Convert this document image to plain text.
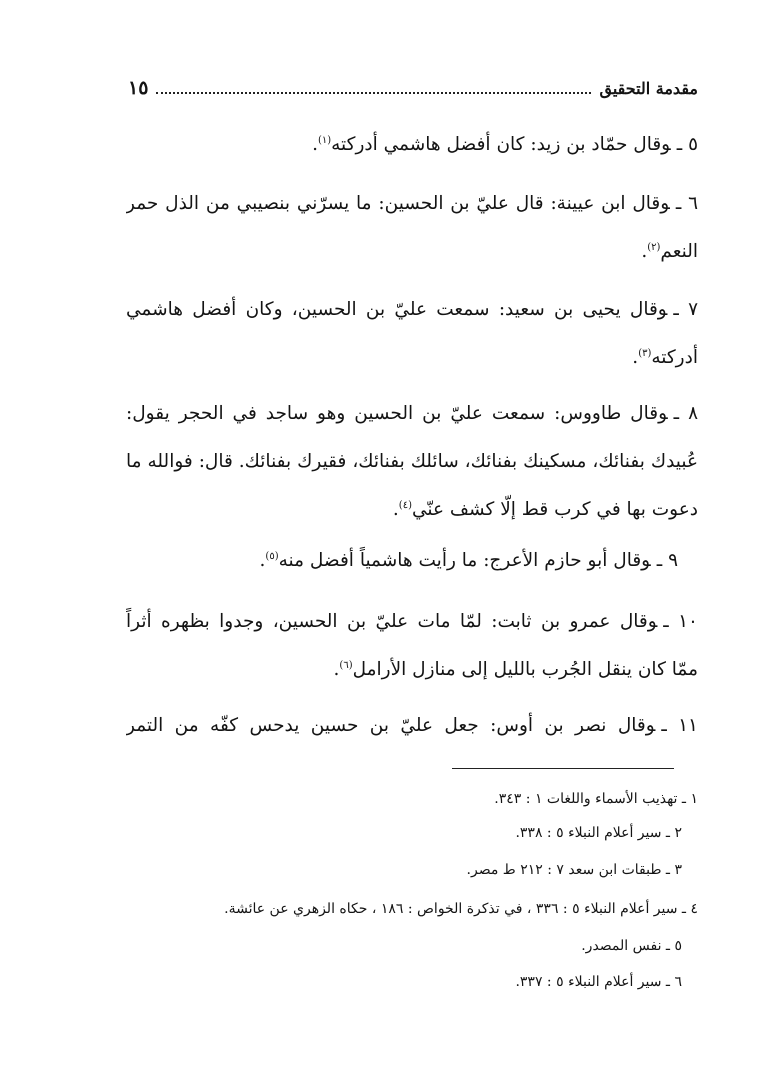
مقدمة التحقيق
١٥
٥ ـوقال حمّاد بن زيد: كان أفضل هاشمي أدركته$^{(١)}$.
٦ ـوقال ابن عيينة: قال عليّ بن الحسين: ما يسرّني بنصيبي من الذل حمر
النعم$^{(٢)}$.
٧ ـوقال يحيى بن سعيد: سمعت عليّ بن الحسين، وكان أفضل هاشمي
أدركته$^{(٣)}$.
٨ ـوقال طاووس: سمعت عليّ بن الحسين وهو ساجد في الحجر يقول:
عُبيدك بفنائك، مسكينك بفنائك، سائلك بفنائك، فقيرك بفنائك. قال: فوالله ما
دعوت بها في كرب قط إلّا كشف عنّي$^{(٤)}$.
٩ ـوقال أبو حازم الأعرج: ما رأيت هاشمياً أفضل منه$^{(٥)}$.
١٠ ـوقال عمرو بن ثابت: لمّا مات عليّ بن الحسين، وجدوا بظهره أثراً
ممّا كان ينقل الجُرب بالليل إلى منازل الأرامل$^{(٦)}$.
١١ ـوقال نصر بن أوس: جعل عليّ بن حسين يدحس كفّه من التمر
١ ـ تهذيب الأسماء واللغات ١ : ٣٤٣.
٢ ـ سير أعلام النبلاء ٥ : ٣٣٨.
٣ ـ طبقات ابن سعد ٧ : ٢١٢ ط مصر.
٤ ـ سير أعلام النبلاء ٥ : ٣٣٦ ، في تذكرة الخواص : ١٨٦ ، حكاه الزهري عن عائشة.
٥ ـ نفس المصدر.
٦ ـ سير أعلام النبلاء ٥ : ٣٣٧.
